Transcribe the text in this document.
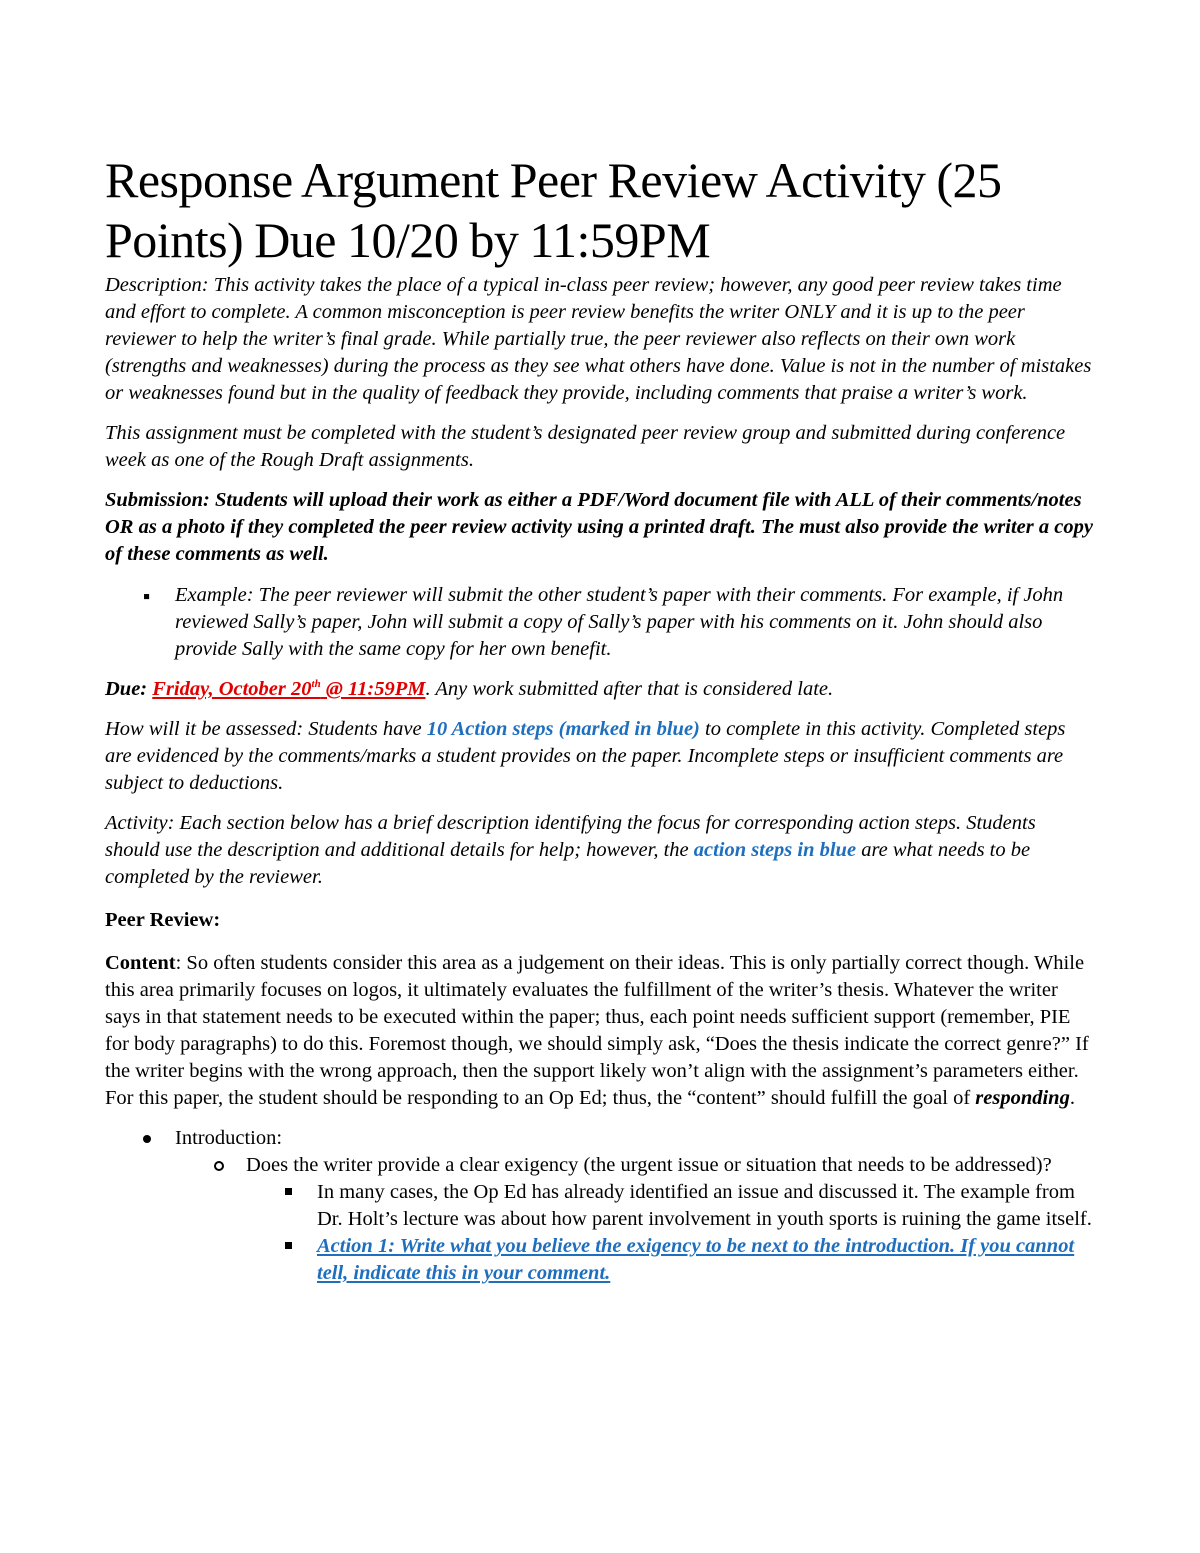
Response Argument Peer Review Activity (25
Points) Due 10/20 by 11:59PM

Description: This activity takes the place of a typical in-class peer review; however, any good peer review takes time and effort to complete. A common misconception is peer review benefits the writer ONLY and it is up to the peer reviewer to help the writer’s final grade. While partially true, the peer reviewer also reflects on their own work (strengths and weaknesses) during the process as they see what others have done. Value is not in the number of mistakes or weaknesses found but in the quality of feedback they provide, including comments that praise a writer’s work.

This assignment must be completed with the student’s designated peer review group and submitted during conference week as one of the Rough Draft assignments.

Submission: Students will upload their work as either a PDF/Word document file with ALL of their comments/notes OR as a photo if they completed the peer review activity using a printed draft. The must also provide the writer a copy of these comments as well.

▪ Example: The peer reviewer will submit the other student’s paper with their comments. For example, if John reviewed Sally’s paper, John will submit a copy of Sally’s paper with his comments on it. John should also provide Sally with the same copy for her own benefit.

Due: Friday, October 20th @ 11:59PM. Any work submitted after that is considered late.

How will it be assessed: Students have 10 Action steps (marked in blue) to complete in this activity. Completed steps are evidenced by the comments/marks a student provides on the paper. Incomplete steps or insufficient comments are subject to deductions.

Activity: Each section below has a brief description identifying the focus for corresponding action steps. Students should use the description and additional details for help; however, the action steps in blue are what needs to be completed by the reviewer.

Peer Review:

Content: So often students consider this area as a judgement on their ideas. This is only partially correct though. While this area primarily focuses on logos, it ultimately evaluates the fulfillment of the writer’s thesis. Whatever the writer says in that statement needs to be executed within the paper; thus, each point needs sufficient support (remember, PIE for body paragraphs) to do this. Foremost though, we should simply ask, “Does the thesis indicate the correct genre?” If the writer begins with the wrong approach, then the support likely won’t align with the assignment’s parameters either. For this paper, the student should be responding to an Op Ed; thus, the “content” should fulfill the goal of responding.

Introduction:
Does the writer provide a clear exigency (the urgent issue or situation that needs to be addressed)?
In many cases, the Op Ed has already identified an issue and discussed it. The example from Dr. Holt’s lecture was about how parent involvement in youth sports is ruining the game itself.
Action 1: Write what you believe the exigency to be next to the introduction. If you cannot tell, indicate this in your comment.
